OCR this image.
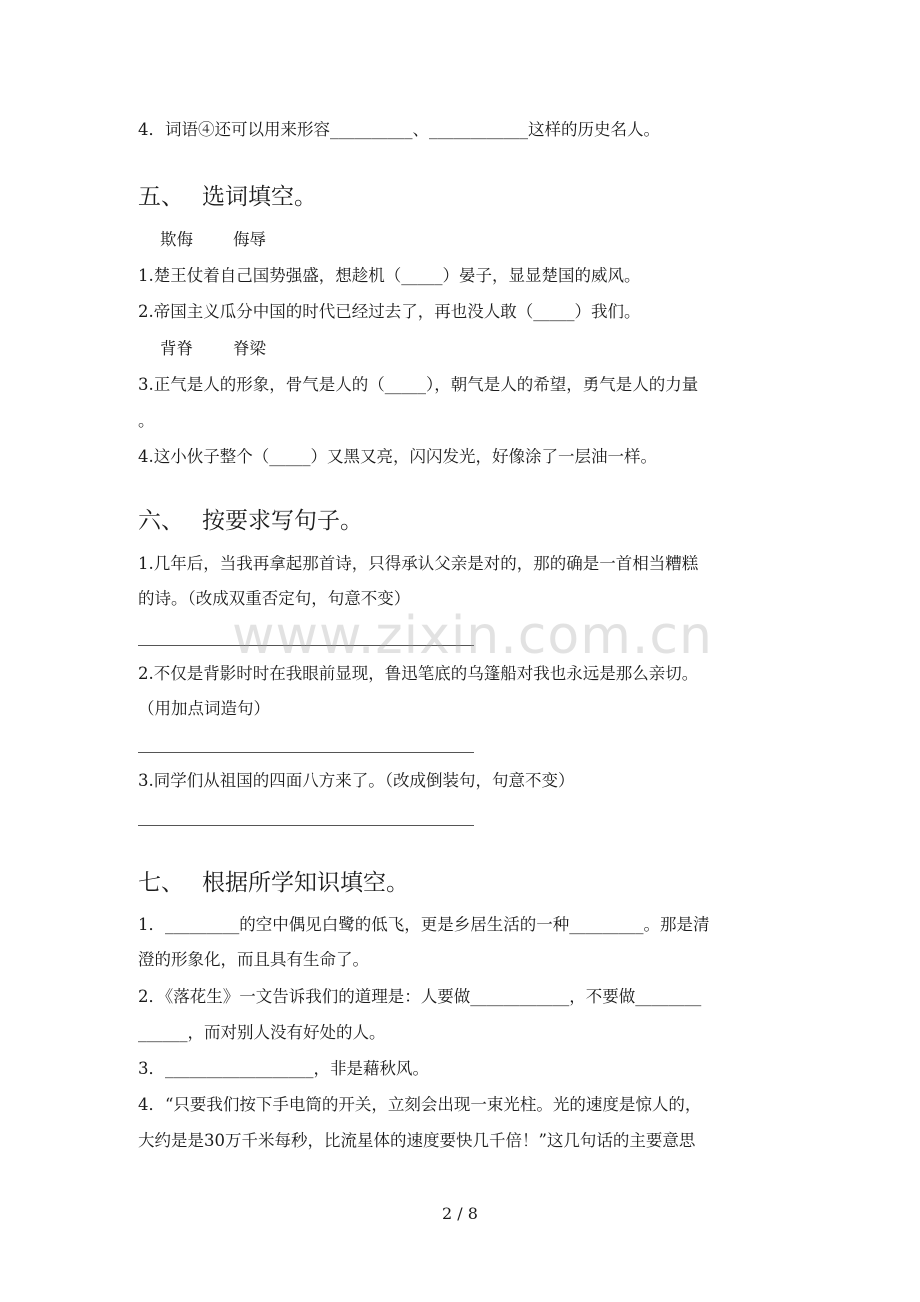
4．词语④还可以用来形容__________、____________这样的历史名人。
五、 选词填空。
欺侮 侮辱
1.楚王仗着自己国势强盛，想趁机（_____）晏子，显显楚国的威风。
2.帝国主义瓜分中国的时代已经过去了，再也没人敢（_____）我们。
背脊 脊梁
3.正气是人的形象，骨气是人的（_____），朝气是人的希望，勇气是人的力量
。
4.这小伙子整个（_____）又黑又亮，闪闪发光，好像涂了一层油一样。
六、 按要求写句子。
1.几年后，当我再拿起那首诗，只得承认父亲是对的，那的确是一首相当糟糕
的诗。（改成双重否定句，句意不变）
2.不仅是背影时时在我眼前显现，鲁迅笔底的乌篷船对我也永远是那么亲切。
（用加点词造句）
3.同学们从祖国的四面八方来了。（改成倒装句，句意不变）
七、 根据所学知识填空。
1．_________的空中偶见白鹭的低飞，更是乡居生活的一种_________。那是清
澄的形象化，而且具有生命了。
2．《落花生》一文告诉我们的道理是：人要做____________，不要做________
______，而对别人没有好处的人。
3．__________________，非是藉秋风。
4．“只要我们按下手电筒的开关，立刻会出现一束光柱。光的速度是惊人的，
大约是是30万千米每秒，比流星体的速度要快几千倍！”这几句话的主要意思
www.zixin.com.cn
2 / 8
